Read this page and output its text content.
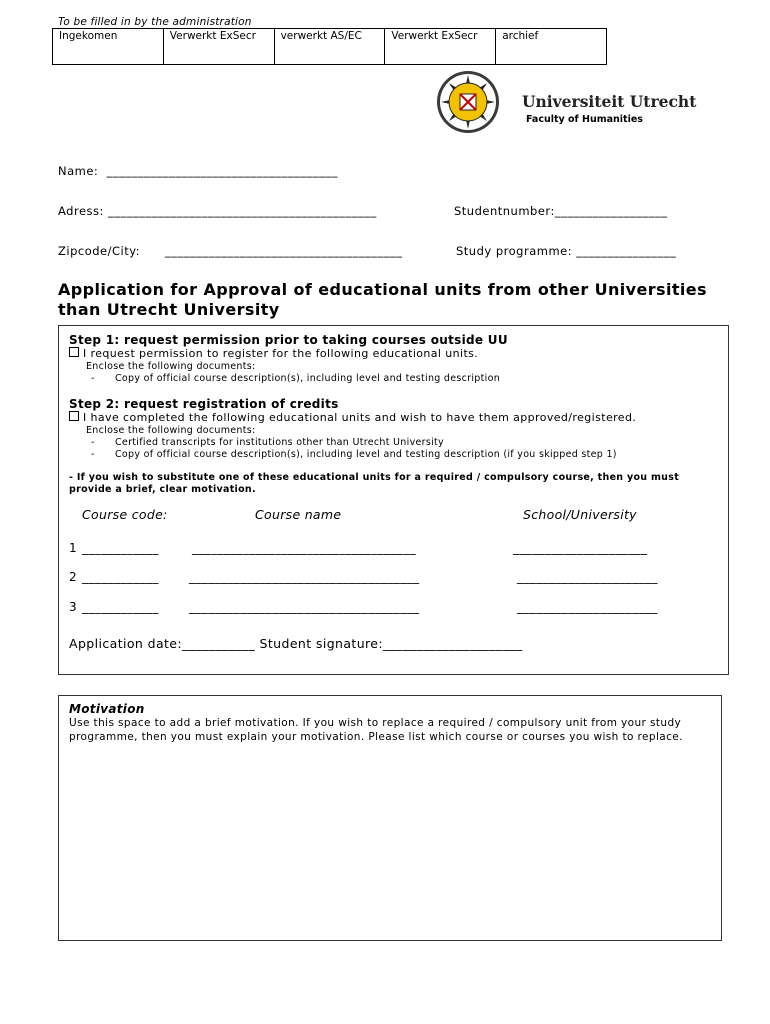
To be filled in by the administration
Ingekomen	Verwerkt ExSecr	verwerkt AS/EC	Verwerkt ExSecr	archief
Universiteit Utrecht
Faculty of Humanities
Name:  _____________________________________
Adress: ___________________________________________	Studentnumber:__________________
Zipcode/City:      ______________________________________	Study programme: ________________
Application for Approval of educational units from other Universities than Utrecht University
Step 1: request permission prior to taking courses outside UU
I request permission to register for the following educational units.
Enclose the following documents:
- Copy of official course description(s), including level and testing description
Step 2: request registration of credits
I have completed the following educational units and wish to have them approved/registered.
Enclose the following documents:
- Certified transcripts for institutions other than Utrecht University
- Copy of official course description(s), including level and testing description (if you skipped step 1)
- If you wish to substitute one of these educational units for a required / compulsory course, then you must provide a brief, clear motivation.
Course code:	Course name	School/University
1 ____________	___________________________________	_____________________
2 ____________	____________________________________	______________________
3 ____________	____________________________________	______________________
Application date:___________ Student signature:_____________________
Motivation
Use this space to add a brief motivation. If you wish to replace a required / compulsory unit from your study programme, then you must explain your motivation. Please list which course or courses you wish to replace.
